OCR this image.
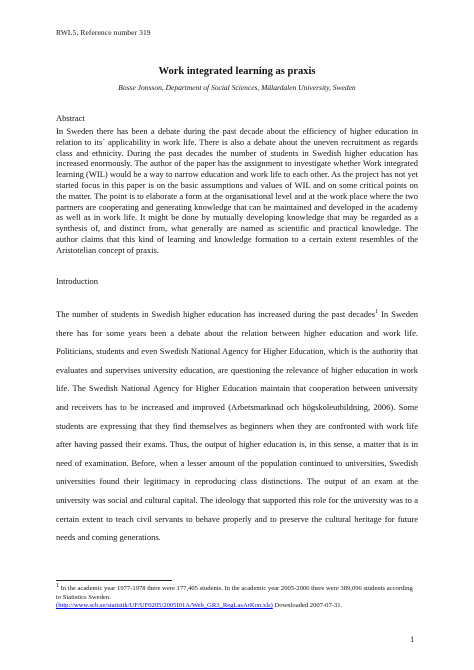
RWL5, Reference number 319
Work integrated learning as praxis
Bosse Jonsson, Department of Social Sciences, Mälardalen University, Sweden
Abstract

In Sweden there has been a debate during the past decade about the efficiency of higher education in relation to its´ applicability in work life. There is also a debate about the uneven recruitment as regards class and ethnicity. During the past decades the number of students in Swedish higher education has increased enormously. The author of the paper has the assignment to investigate whether Work integrated learning (WIL) would be a way to narrow education and work life to each other. As the project has not yet started focus in this paper is on the basic assumptions and values of WIL and on some critical points on the matter. The point is to elaborate a form at the organisational level and at the work place where the two partners are cooperating and generating knowledge that can be maintained and developed in the academy as well as in work life. It might be done by mutually developing knowledge that may be regarded as a synthesis of, and distinct from, what generally are named as scientific and practical knowledge. The author claims that this kind of learning and knowledge formation to a certain extent resembles of the Aristotelian concept of praxis.

Introduction

The number of students in Swedish higher education has increased during the past decades$^1$ In Sweden there has for some years been a debate about the relation between higher education and work life. Politicians, students and even Swedish National Agency for Higher Education, which is the authority that evaluates and supervises university education, are questioning the relevance of higher education in work life. The Swedish National Agency for Higher Education maintain that cooperation between university and receivers has to be increased and improved (Arbetsmarknad och högskoleutbildning, 2006). Some students are expressing that they find themselves as beginners when they are confronted with work life after having passed their exams. Thus, the output of higher education is, in this sense, a matter that is in need of examination. Before, when a lesser amount of the population continued to universities, Swedish universities found their legitimacy in reproducing class distinctions. The output of an exam at the university was social and cultural capital. The ideology that supported this role for the university was to a certain extent to teach civil servants to behave properly and to preserve the cultural heritage for future needs and coming generations.

$^1$ In the academic year 1977-1978 there were 177,405 students. In the academic year 2005-2006 there were 389,096 students according to Statistics Sweden.
(http://www.scb.se/statistik/UF/UF0205/2005I01A/Web_GR3_RegLasArKon.xls) Downloaded 2007-07-31.

1
